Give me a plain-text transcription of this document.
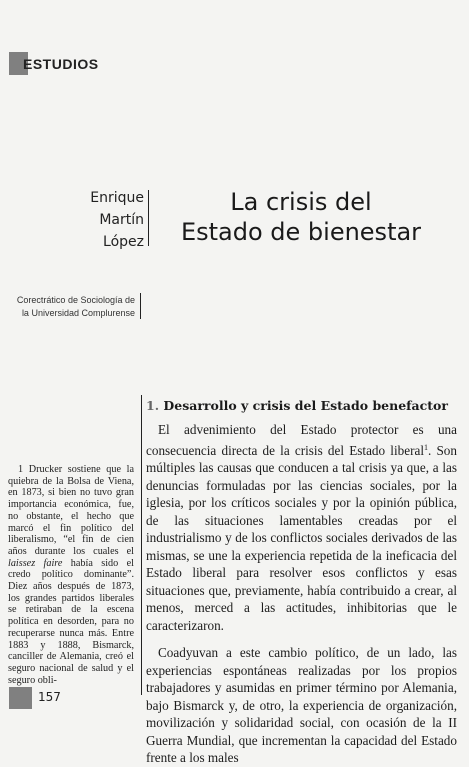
ESTUDIOS
Enrique
Martín
López
La crisis del
Estado de bienestar
Corectrático de Sociología de
la Universidad Complurense
1. Desarrollo y crisis del Estado benefactor

El advenimiento del Estado protector es una consecuencia directa de la crisis del Estado liberal$^1$. Son múltiples las causas que conducen a tal crisis ya que, a las denuncias formuladas por las ciencias sociales, por la iglesia, por los críticos sociales y por la opinión pública, de las situaciones lamentables creadas por el industrialismo y de los conflictos sociales derivados de las mismas, se une la experiencia repetida de la ineficacia del Estado liberal para resolver esos conflictos y esas situaciones que, previamente, había contribuido a crear, al menos, merced a las actitudes, inhibitorias que le caracterizaron.

Coadyuvan a este cambio político, de un lado, las experiencias espontáneas realizadas por los propios trabajadores y asumidas en primer término por Alemania, bajo Bismarck y, de otro, la experiencia de organización, movilización y solidaridad social, con ocasión de la II Guerra Mundial, que incrementan la capacidad del Estado frente a los males

1 Drucker sostiene que la quiebra de la Bolsa de Viena, en 1873, si bien no tuvo gran importancia económica, fue, no obstante, el hecho que marcó el fin político del liberalismo, “el fin de cien años durante los cuales el laissez faire había sido el credo político dominante”. Diez años después de 1873, los grandes partidos liberales se retiraban de la escena política en desorden, para no recuperarse nunca más. Entre 1883 y 1888, Bismarck, canciller de Alemania, creó el seguro nacional de salud y el seguro obli-

157
